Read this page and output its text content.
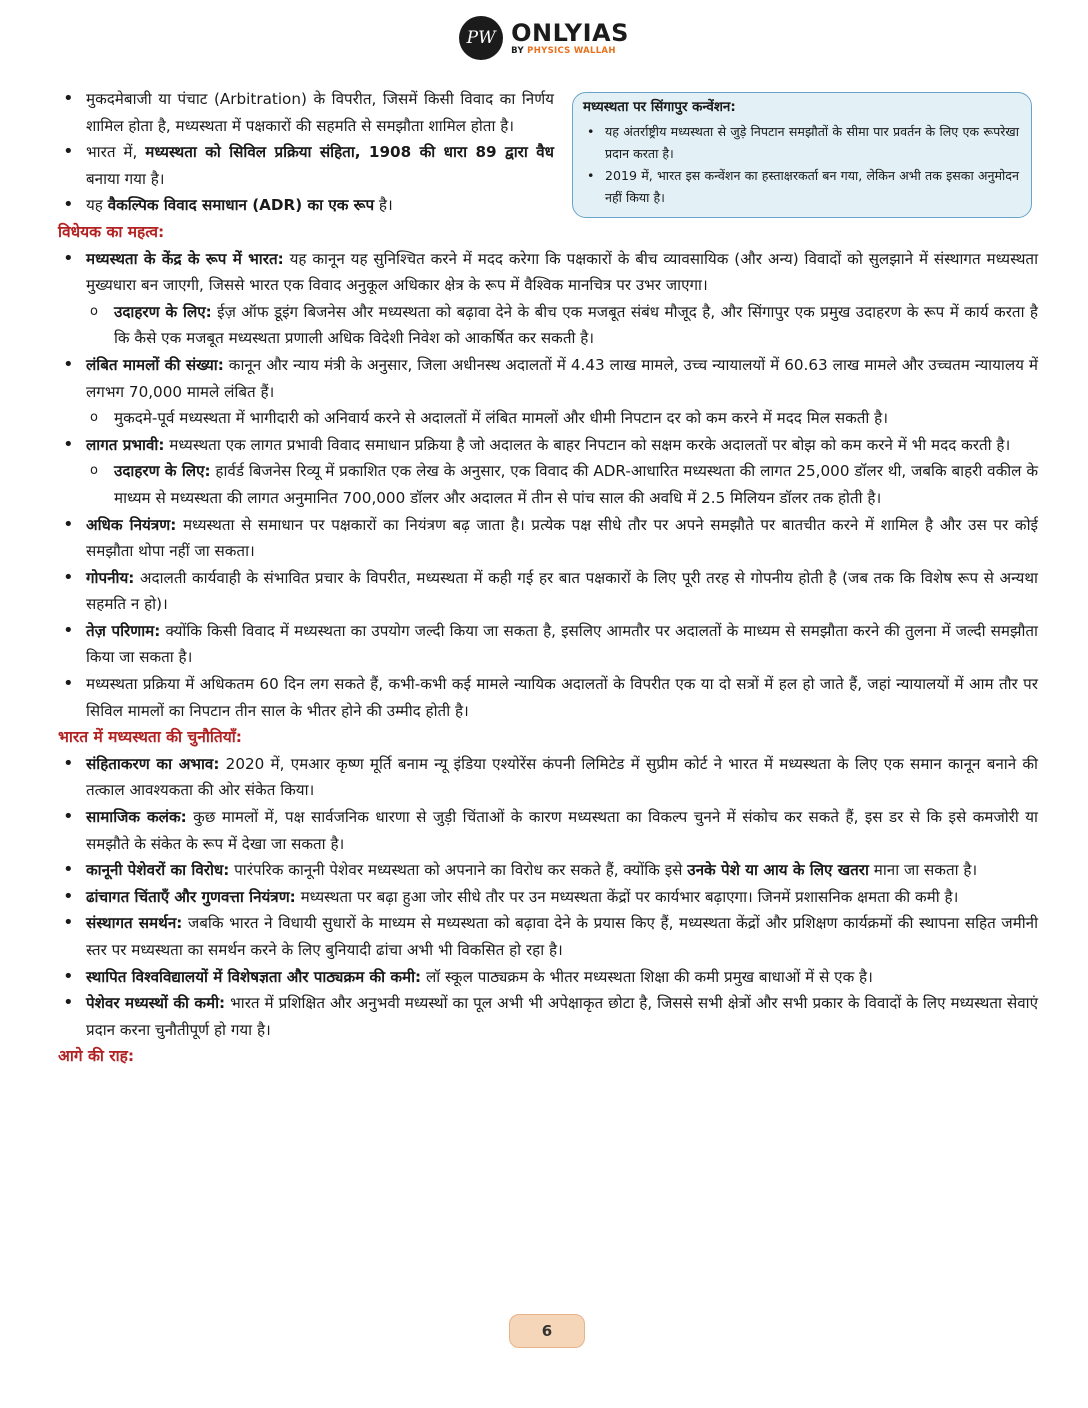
PW ONLYIAS
BY PHYSICS WALLAH
मध्यस्थता पर सिंगापुर कन्वेंशन:
• यह अंतर्राष्ट्रीय मध्यस्थता से जुड़े निपटान समझौतों के सीमा पार प्रवर्तन के लिए एक रूपरेखा प्रदान करता है।
• 2019 में, भारत इस कन्वेंशन का हस्ताक्षरकर्ता बन गया, लेकिन अभी तक इसका अनुमोदन नहीं किया है।
• मुकदमेबाजी या पंचाट (Arbitration) के विपरीत, जिसमें किसी विवाद का निर्णय शामिल होता है, मध्यस्थता में पक्षकारों की सहमति से समझौता शामिल होता है।
• भारत में, मध्यस्थता को सिविल प्रक्रिया संहिता, 1908 की धारा 89 द्वारा वैध बनाया गया है।
• यह वैकल्पिक विवाद समाधान (ADR) का एक रूप है।
विधेयक का महत्व:
• मध्यस्थता के केंद्र के रूप में भारत: यह कानून यह सुनिश्चित करने में मदद करेगा कि पक्षकारों के बीच व्यावसायिक (और अन्य) विवादों को सुलझाने में संस्थागत मध्यस्थता मुख्यधारा बन जाएगी, जिससे भारत एक विवाद अनुकूल अधिकार क्षेत्र के रूप में वैश्विक मानचित्र पर उभर जाएगा।
o उदाहरण के लिए: ईज़ ऑफ डूइंग बिजनेस और मध्यस्थता को बढ़ावा देने के बीच एक मजबूत संबंध मौजूद है, और सिंगापुर एक प्रमुख उदाहरण के रूप में कार्य करता है कि कैसे एक मजबूत मध्यस्थता प्रणाली अधिक विदेशी निवेश को आकर्षित कर सकती है।
• लंबित मामलों की संख्या: कानून और न्याय मंत्री के अनुसार, जिला अधीनस्थ अदालतों में 4.43 लाख मामले, उच्च न्यायालयों में 60.63 लाख मामले और उच्चतम न्यायालय में लगभग 70,000 मामले लंबित हैं।
o मुकदमे-पूर्व मध्यस्थता में भागीदारी को अनिवार्य करने से अदालतों में लंबित मामलों और धीमी निपटान दर को कम करने में मदद मिल सकती है।
• लागत प्रभावी: मध्यस्थता एक लागत प्रभावी विवाद समाधान प्रक्रिया है जो अदालत के बाहर निपटान को सक्षम करके अदालतों पर बोझ को कम करने में भी मदद करती है।
o उदाहरण के लिए: हार्वर्ड बिजनेस रिव्यू में प्रकाशित एक लेख के अनुसार, एक विवाद की ADR-आधारित मध्यस्थता की लागत 25,000 डॉलर थी, जबकि बाहरी वकील के माध्यम से मध्यस्थता की लागत अनुमानित 700,000 डॉलर और अदालत में तीन से पांच साल की अवधि में 2.5 मिलियन डॉलर तक होती है।
• अधिक नियंत्रण: मध्यस्थता से समाधान पर पक्षकारों का नियंत्रण बढ़ जाता है। प्रत्येक पक्ष सीधे तौर पर अपने समझौते पर बातचीत करने में शामिल है और उस पर कोई समझौता थोपा नहीं जा सकता।
• गोपनीय: अदालती कार्यवाही के संभावित प्रचार के विपरीत, मध्यस्थता में कही गई हर बात पक्षकारों के लिए पूरी तरह से गोपनीय होती है (जब तक कि विशेष रूप से अन्यथा सहमति न हो)।
• तेज़ परिणाम: क्योंकि किसी विवाद में मध्यस्थता का उपयोग जल्दी किया जा सकता है, इसलिए आमतौर पर अदालतों के माध्यम से समझौता करने की तुलना में जल्दी समझौता किया जा सकता है।
• मध्यस्थता प्रक्रिया में अधिकतम 60 दिन लग सकते हैं, कभी-कभी कई मामले न्यायिक अदालतों के विपरीत एक या दो सत्रों में हल हो जाते हैं, जहां न्यायालयों में आम तौर पर सिविल मामलों का निपटान तीन साल के भीतर होने की उम्मीद होती है।
भारत में मध्यस्थता की चुनौतियाँ:
• संहिताकरण का अभाव: 2020 में, एमआर कृष्ण मूर्ति बनाम न्यू इंडिया एश्योरेंस कंपनी लिमिटेड में सुप्रीम कोर्ट ने भारत में मध्यस्थता के लिए एक समान कानून बनाने की तत्काल आवश्यकता की ओर संकेत किया।
• सामाजिक कलंक: कुछ मामलों में, पक्ष सार्वजनिक धारणा से जुड़ी चिंताओं के कारण मध्यस्थता का विकल्प चुनने में संकोच कर सकते हैं, इस डर से कि इसे कमजोरी या समझौते के संकेत के रूप में देखा जा सकता है।
• कानूनी पेशेवरों का विरोध: पारंपरिक कानूनी पेशेवर मध्यस्थता को अपनाने का विरोध कर सकते हैं, क्योंकि इसे उनके पेशे या आय के लिए खतरा माना जा सकता है।
• ढांचागत चिंताएँ और गुणवत्ता नियंत्रण: मध्यस्थता पर बढ़ा हुआ जोर सीधे तौर पर उन मध्यस्थता केंद्रों पर कार्यभार बढ़ाएगा। जिनमें प्रशासनिक क्षमता की कमी है।
• संस्थागत समर्थन: जबकि भारत ने विधायी सुधारों के माध्यम से मध्यस्थता को बढ़ावा देने के प्रयास किए हैं, मध्यस्थता केंद्रों और प्रशिक्षण कार्यक्रमों की स्थापना सहित जमीनी स्तर पर मध्यस्थता का समर्थन करने के लिए बुनियादी ढांचा अभी भी विकसित हो रहा है।
• स्थापित विश्वविद्यालयों में विशेषज्ञता और पाठ्यक्रम की कमी: लॉ स्कूल पाठ्यक्रम के भीतर मध्यस्थता शिक्षा की कमी प्रमुख बाधाओं में से एक है।
• पेशेवर मध्यस्थों की कमी: भारत में प्रशिक्षित और अनुभवी मध्यस्थों का पूल अभी भी अपेक्षाकृत छोटा है, जिससे सभी क्षेत्रों और सभी प्रकार के विवादों के लिए मध्यस्थता सेवाएं प्रदान करना चुनौतीपूर्ण हो गया है।
आगे की राह:
6
